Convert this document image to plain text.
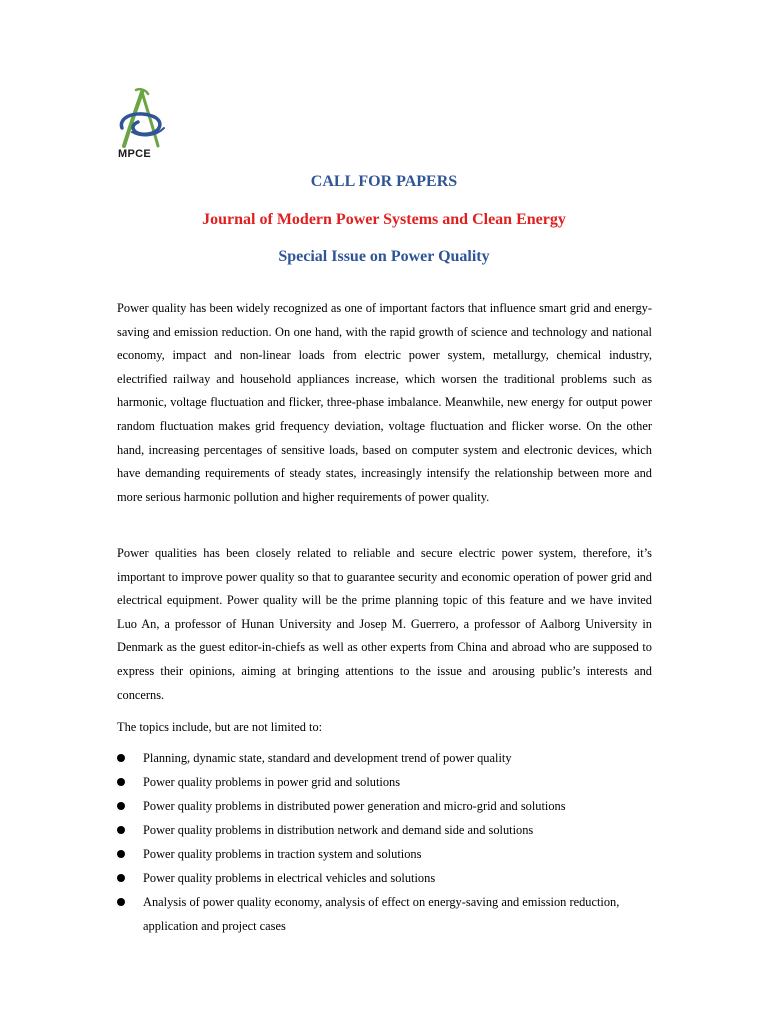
MPCE
CALL FOR PAPERS
Journal of Modern Power Systems and Clean Energy
Special Issue on Power Quality
Power quality has been widely recognized as one of important factors that influence smart grid and energy-saving and emission reduction. On one hand, with the rapid growth of science and technology and national economy, impact and non-linear loads from electric power system, metallurgy, chemical industry, electrified railway and household appliances increase, which worsen the traditional problems such as harmonic, voltage fluctuation and flicker, three-phase imbalance. Meanwhile, new energy for output power random fluctuation makes grid frequency deviation, voltage fluctuation and flicker worse. On the other hand, increasing percentages of sensitive loads, based on computer system and electronic devices, which have demanding requirements of steady states, increasingly intensify the relationship between more and more serious harmonic pollution and higher requirements of power quality.
Power qualities has been closely related to reliable and secure electric power system, therefore, it’s important to improve power quality so that to guarantee security and economic operation of power grid and electrical equipment. Power quality will be the prime planning topic of this feature and we have invited Luo An, a professor of Hunan University and Josep M. Guerrero, a professor of Aalborg University in Denmark as the guest editor-in-chiefs as well as other experts from China and abroad who are supposed to express their opinions, aiming at bringing attentions to the issue and arousing public’s interests and concerns.
The topics include, but are not limited to:
Planning, dynamic state, standard and development trend of power quality
Power quality problems in power grid and solutions
Power quality problems in distributed power generation and micro-grid and solutions
Power quality problems in distribution network and demand side and solutions
Power quality problems in traction system and solutions
Power quality problems in electrical vehicles and solutions
Analysis of power quality economy, analysis of effect on energy-saving and emission reduction, application and project cases
